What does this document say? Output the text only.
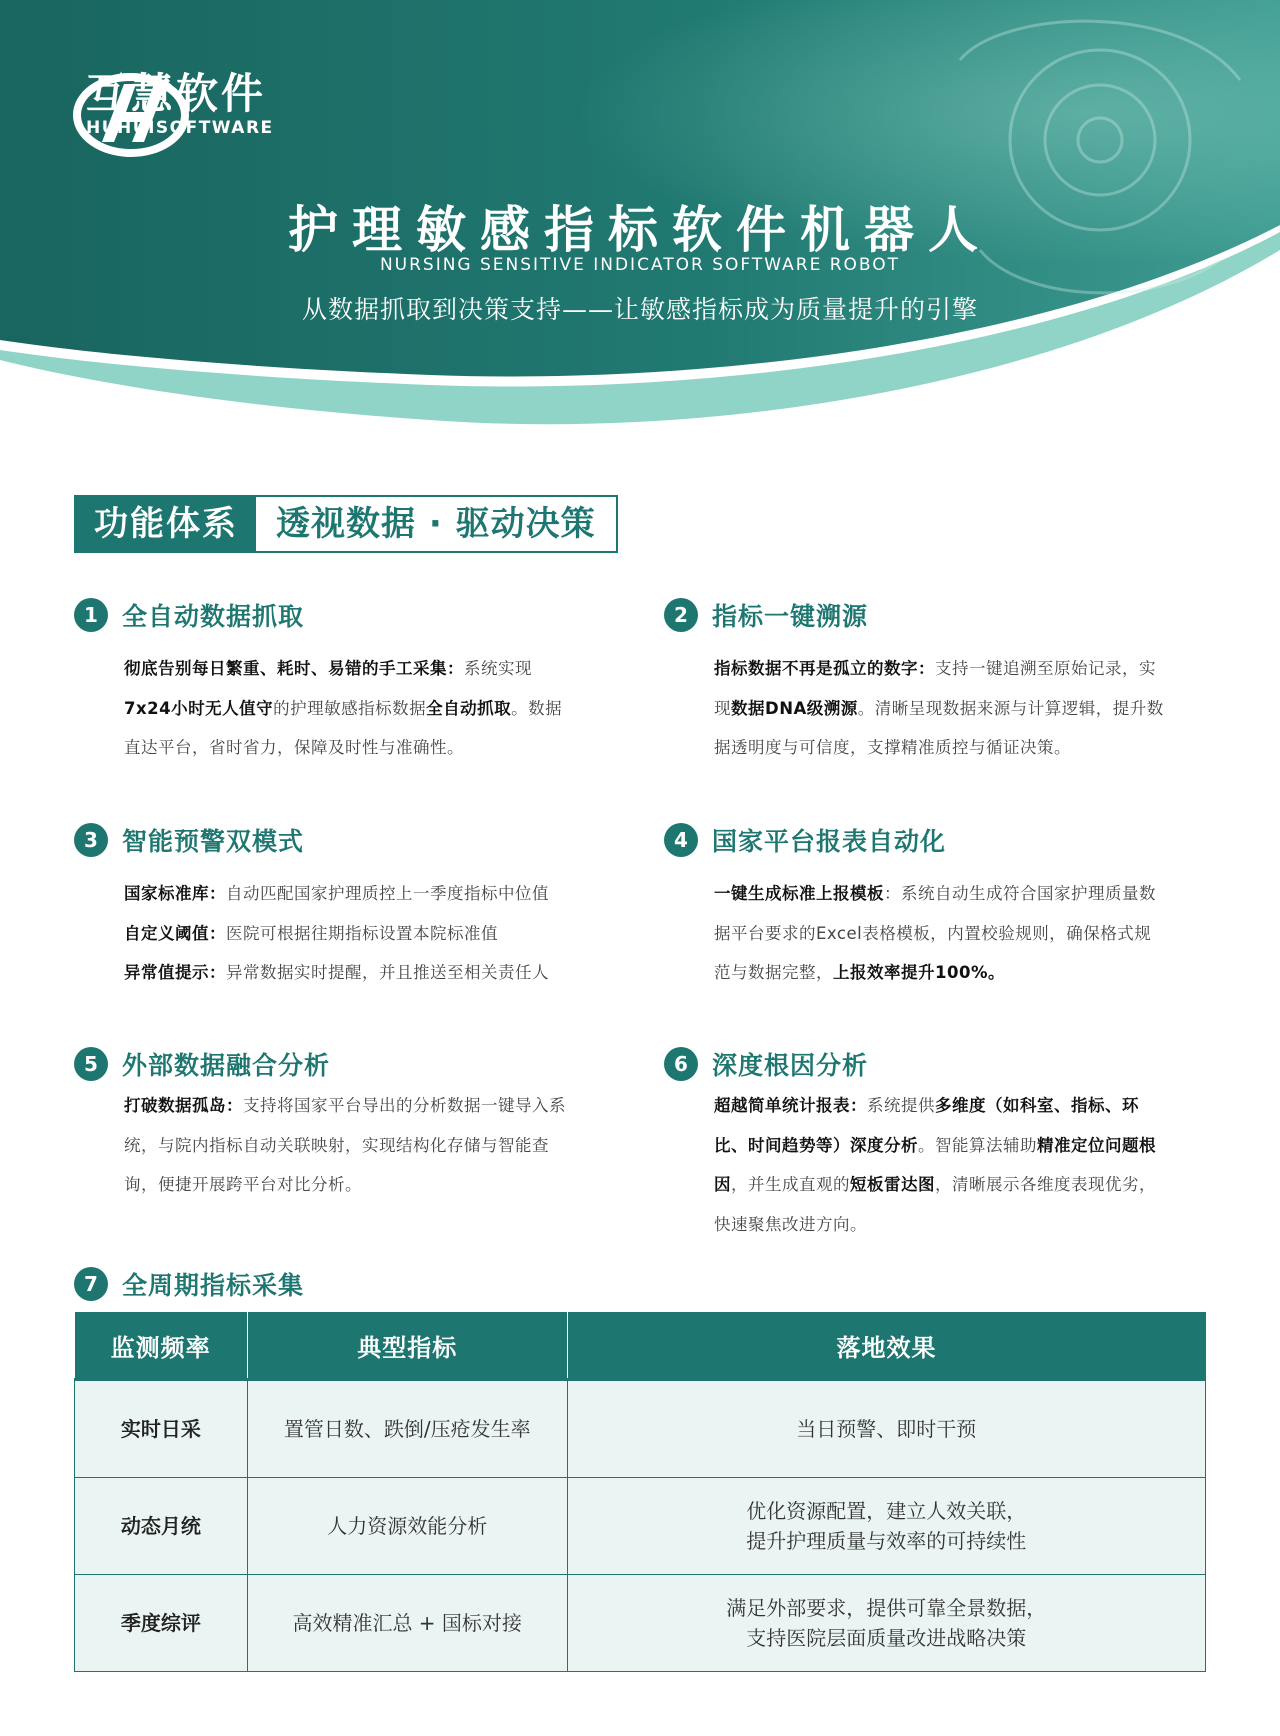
互慧软件
HUHUISOFTWARE
护理敏感指标软件机器人
NURSING SENSITIVE INDICATOR SOFTWARE ROBOT
从数据抓取到决策支持——让敏感指标成为质量提升的引擎
功能体系	透视数据 · 驱动决策
1 全自动数据抓取
彻底告别每日繁重、耗时、易错的手工采集：系统实现7x24小时无人值守的护理敏感指标数据全自动抓取。数据直达平台，省时省力，保障及时性与准确性。
2 指标一键溯源
指标数据不再是孤立的数字：支持一键追溯至原始记录，实现数据DNA级溯源。清晰呈现数据来源与计算逻辑，提升数据透明度与可信度，支撑精准质控与循证决策。
3 智能预警双模式
国家标准库：自动匹配国家护理质控上一季度指标中位值
自定义阈值：医院可根据往期指标设置本院标准值
异常值提示：异常数据实时提醒，并且推送至相关责任人
4 国家平台报表自动化
一键生成标准上报模板：系统自动生成符合国家护理质量数据平台要求的Excel表格模板，内置校验规则，确保格式规范与数据完整，上报效率提升100%。
5 外部数据融合分析
打破数据孤岛：支持将国家平台导出的分析数据一键导入系统，与院内指标自动关联映射，实现结构化存储与智能查询，便捷开展跨平台对比分析。
6 深度根因分析
超越简单统计报表：系统提供多维度（如科室、指标、环比、时间趋势等）深度分析。智能算法辅助精准定位问题根因，并生成直观的短板雷达图，清晰展示各维度表现优劣，快速聚焦改进方向。
7 全周期指标采集
监测频率	典型指标	落地效果
实时日采	置管日数、跌倒/压疮发生率	当日预警、即时干预

动态月统	人力资源效能分析	优化资源配置，建立人效关联，
提升护理质量与效率的可持续性

季度综评	高效精准汇总 + 国标对接	满足外部要求，提供可靠全景数据，
支持医院层面质量改进战略决策
